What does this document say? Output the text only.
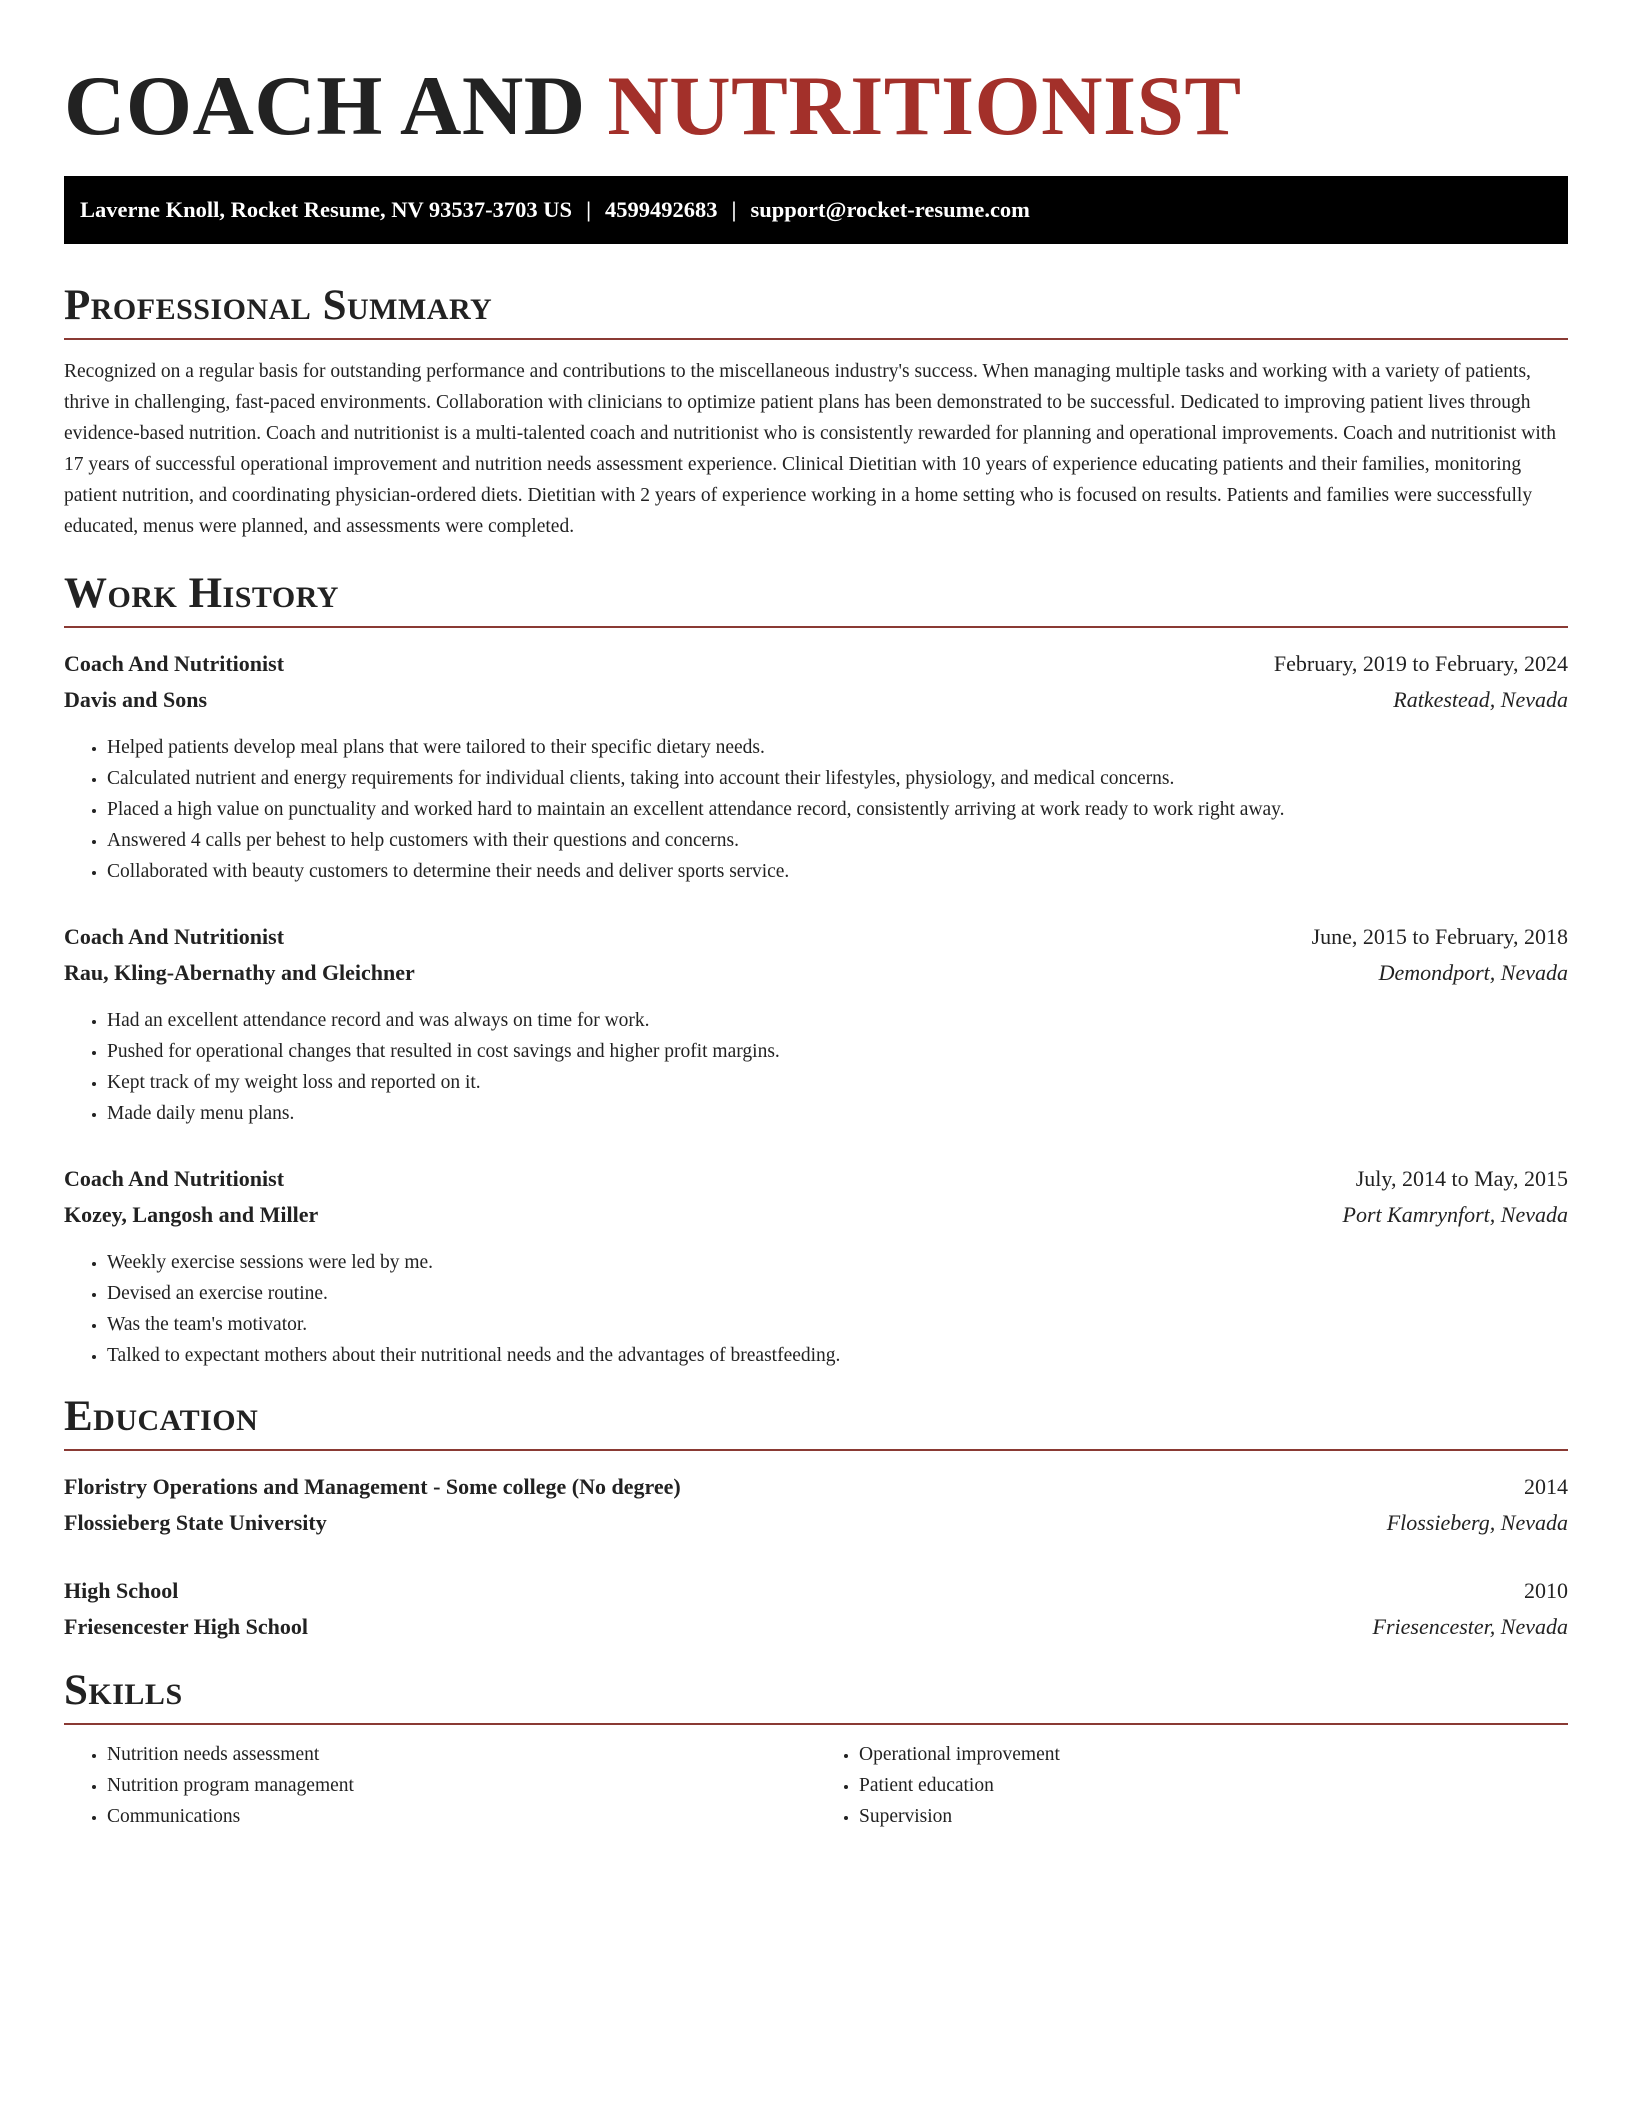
COACH AND NUTRITIONIST
Laverne Knoll, Rocket Resume, NV 93537-3703 US | 4599492683 | support@rocket-resume.com
Professional Summary

Recognized on a regular basis for outstanding performance and contributions to the miscellaneous industry's success. When managing multiple tasks and working with a variety of patients, thrive in challenging, fast-paced environments. Collaboration with clinicians to optimize patient plans has been demonstrated to be successful. Dedicated to improving patient lives through evidence-based nutrition. Coach and nutritionist is a multi-talented coach and nutritionist who is consistently rewarded for planning and operational improvements. Coach and nutritionist with 17 years of successful operational improvement and nutrition needs assessment experience. Clinical Dietitian with 10 years of experience educating patients and their families, monitoring patient nutrition, and coordinating physician-ordered diets. Dietitian with 2 years of experience working in a home setting who is focused on results. Patients and families were successfully educated, menus were planned, and assessments were completed.

Work History
Coach And Nutritionist	February, 2019 to February, 2024
Davis and Sons	Ratkestead, Nevada
• Helped patients develop meal plans that were tailored to their specific dietary needs.
• Calculated nutrient and energy requirements for individual clients, taking into account their lifestyles, physiology, and medical concerns.
• Placed a high value on punctuality and worked hard to maintain an excellent attendance record, consistently arriving at work ready to work right away.
• Answered 4 calls per behest to help customers with their questions and concerns.
• Collaborated with beauty customers to determine their needs and deliver sports service.
Coach And Nutritionist	June, 2015 to February, 2018
Rau, Kling-Abernathy and Gleichner	Demondport, Nevada
• Had an excellent attendance record and was always on time for work.
• Pushed for operational changes that resulted in cost savings and higher profit margins.
• Kept track of my weight loss and reported on it.
• Made daily menu plans.
Coach And Nutritionist	July, 2014 to May, 2015
Kozey, Langosh and Miller	Port Kamrynfort, Nevada
• Weekly exercise sessions were led by me.
• Devised an exercise routine.
• Was the team's motivator.
• Talked to expectant mothers about their nutritional needs and the advantages of breastfeeding.
Education
Floristry Operations and Management - Some college (No degree)	2014
Flossieberg State University	Flossieberg, Nevada
High School	2010
Friesencester High School	Friesencester, Nevada
Skills
• Nutrition needs assessment
• Nutrition program management
• Communications
• Operational improvement
• Patient education
• Supervision
